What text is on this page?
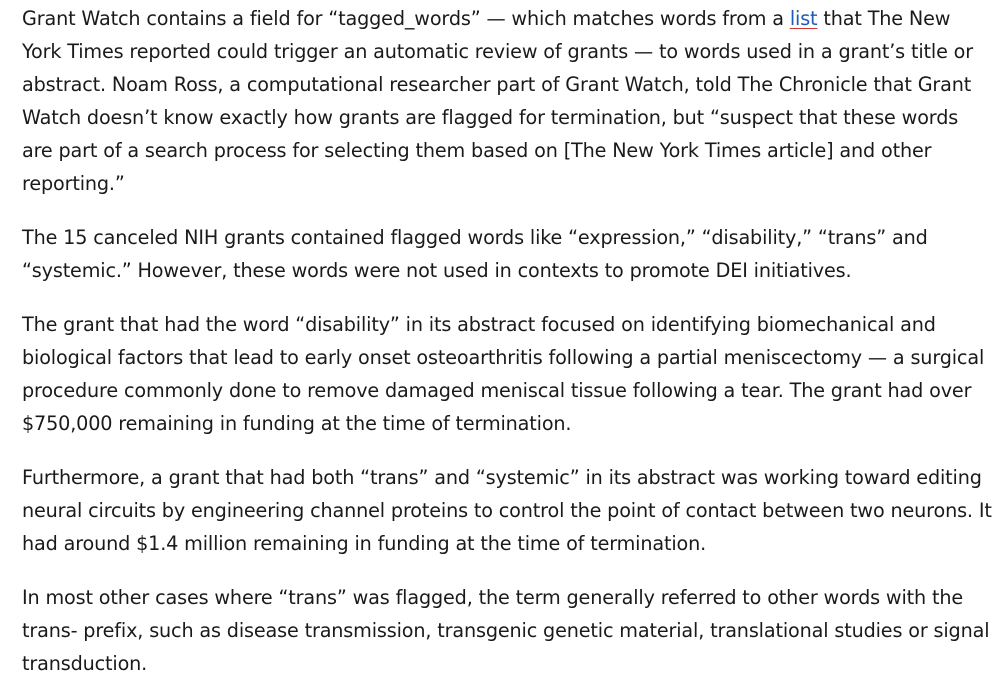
Grant Watch contains a field for “tagged_words” — which matches words from a list that The New York Times reported could trigger an automatic review of grants — to words used in a grant’s title or abstract. Noam Ross, a computational researcher part of Grant Watch, told The Chronicle that Grant Watch doesn’t know exactly how grants are flagged for termination, but “suspect that these words are part of a search process for selecting them based on [The New York Times article] and other reporting.”

The 15 canceled NIH grants contained flagged words like “expression,” “disability,” “trans” and “systemic.” However, these words were not used in contexts to promote DEI initiatives.

The grant that had the word “disability” in its abstract focused on identifying biomechanical and biological factors that lead to early onset osteoarthritis following a partial meniscectomy — a surgical procedure commonly done to remove damaged meniscal tissue following a tear. The grant had over $750,000 remaining in funding at the time of termination.

Furthermore, a grant that had both “trans” and “systemic” in its abstract was working toward editing neural circuits by engineering channel proteins to control the point of contact between two neurons. It had around $1.4 million remaining in funding at the time of termination.

In most other cases where “trans” was flagged, the term generally referred to other words with the trans- prefix, such as disease transmission, transgenic genetic material, translational studies or signal transduction.
